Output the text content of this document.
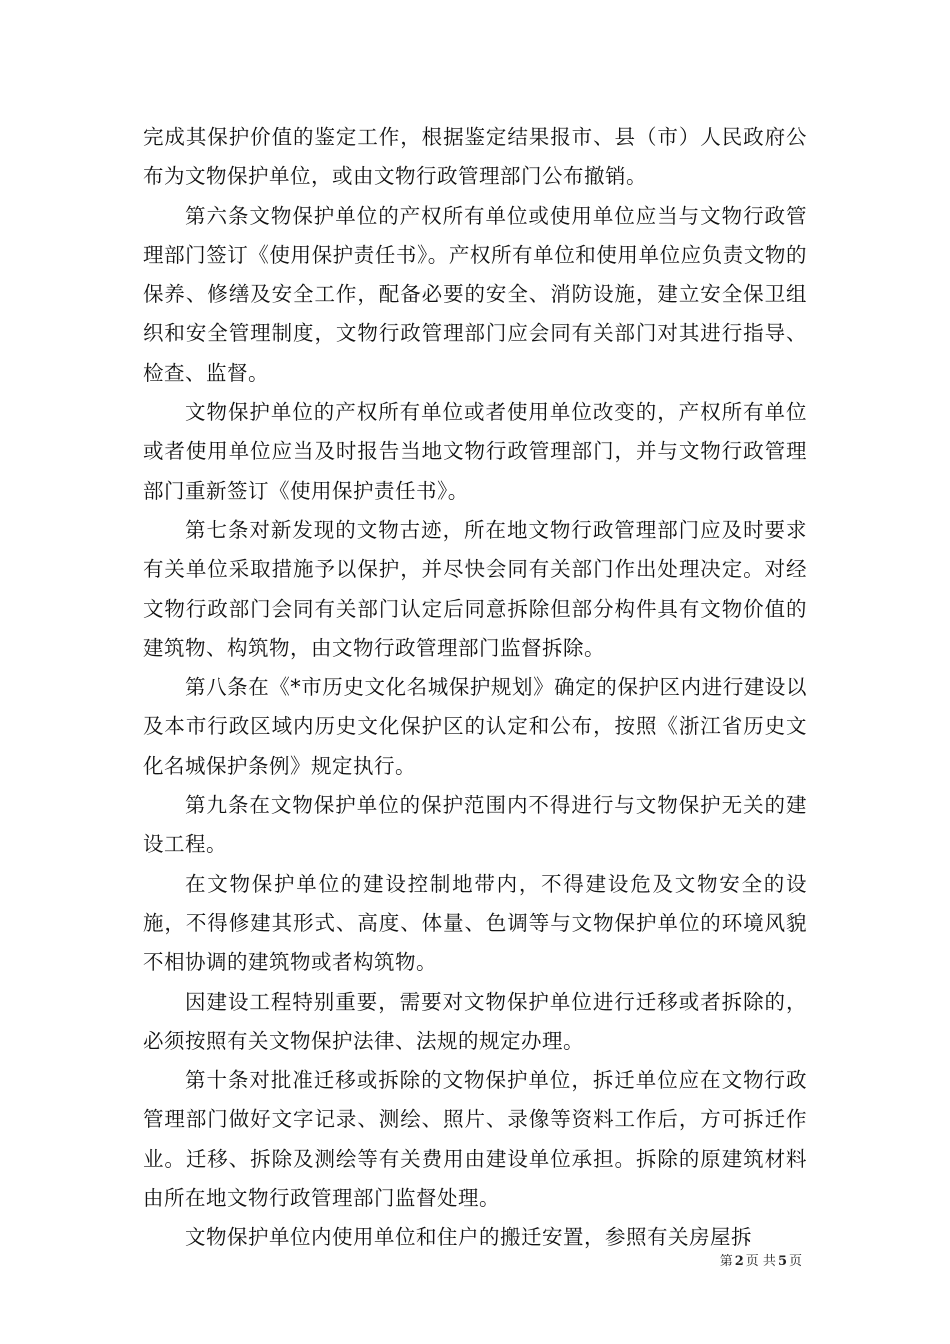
完成其保护价值的鉴定工作，根据鉴定结果报市、县（市）人民政府公布为文物保护单位，或由文物行政管理部门公布撤销。

第六条文物保护单位的产权所有单位或使用单位应当与文物行政管理部门签订《使用保护责任书》。产权所有单位和使用单位应负责文物的保养、修缮及安全工作，配备必要的安全、消防设施，建立安全保卫组织和安全管理制度，文物行政管理部门应会同有关部门对其进行指导、检查、监督。

文物保护单位的产权所有单位或者使用单位改变的，产权所有单位或者使用单位应当及时报告当地文物行政管理部门，并与文物行政管理部门重新签订《使用保护责任书》。

第七条对新发现的文物古迹，所在地文物行政管理部门应及时要求有关单位采取措施予以保护，并尽快会同有关部门作出处理决定。对经文物行政部门会同有关部门认定后同意拆除但部分构件具有文物价值的建筑物、构筑物，由文物行政管理部门监督拆除。

第八条在《*市历史文化名城保护规划》确定的保护区内进行建设以及本市行政区域内历史文化保护区的认定和公布，按照《浙江省历史文化名城保护条例》规定执行。

第九条在文物保护单位的保护范围内不得进行与文物保护无关的建设工程。

在文物保护单位的建设控制地带内，不得建设危及文物安全的设施，不得修建其形式、高度、体量、色调等与文物保护单位的环境风貌不相协调的建筑物或者构筑物。

因建设工程特别重要，需要对文物保护单位进行迁移或者拆除的，必须按照有关文物保护法律、法规的规定办理。

第十条对批准迁移或拆除的文物保护单位，拆迁单位应在文物行政管理部门做好文字记录、测绘、照片、录像等资料工作后，方可拆迁作业。迁移、拆除及测绘等有关费用由建设单位承担。拆除的原建筑材料由所在地文物行政管理部门监督处理。

文物保护单位内使用单位和住户的搬迁安置，参照有关房屋拆

第 2 页 共 5 页
